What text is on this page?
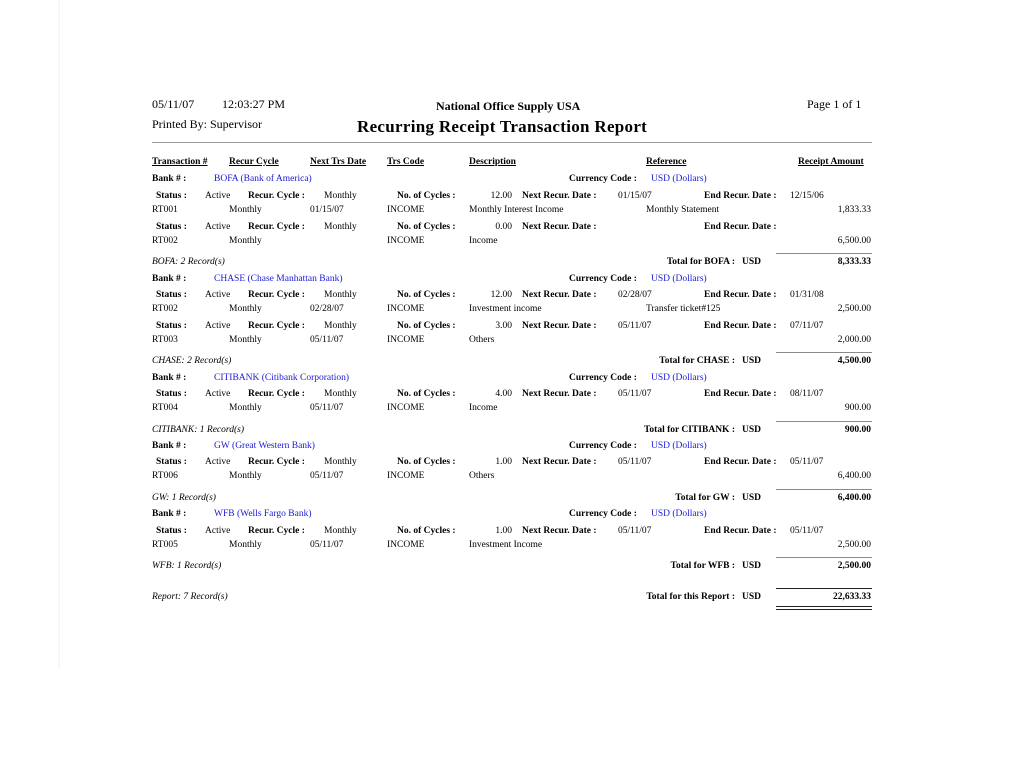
05/11/07 12:03:27 PM
Printed By: Supervisor
National Office Supply USA
Recurring Receipt Transaction Report
Page 1 of 1
Transaction # Recur Cycle	Next Trs Date Trs Code	Description	Reference	Receipt Amount
Bank # :	BOFA (Bank of America)	Currency Code : USD (Dollars)
Status : Active Recur. Cycle : Monthly	No. of Cycles :	12.00 Next Recur. Date : 01/15/07	End Recur. Date : 12/15/06
RT001	Monthly	01/15/07	INCOME	Monthly Interest Income	Monthly Statement	1,833.33
Status : Active Recur. Cycle : Monthly	No. of Cycles :	0.00 Next Recur. Date :	End Recur. Date :
RT002	Monthly	INCOME	Income	6,500.00
BOFA: 2 Record(s)	Total for BOFA : USD	8,333.33
Bank # :	CHASE (Chase Manhattan Bank)	Currency Code : USD (Dollars)
Status : Active Recur. Cycle : Monthly	No. of Cycles :	12.00 Next Recur. Date : 02/28/07	End Recur. Date : 01/31/08
RT002	Monthly	02/28/07	INCOME	Investment income	Transfer ticket#125	2,500.00
Status : Active Recur. Cycle : Monthly	No. of Cycles :	3.00 Next Recur. Date : 05/11/07	End Recur. Date : 07/11/07
RT003	Monthly	05/11/07	INCOME	Others	2,000.00
CHASE: 2 Record(s)	Total for CHASE : USD	4,500.00
Bank # :	CITIBANK (Citibank Corporation)	Currency Code : USD (Dollars)
Status : Active Recur. Cycle : Monthly	No. of Cycles :	4.00 Next Recur. Date : 05/11/07	End Recur. Date : 08/11/07
RT004	Monthly	05/11/07	INCOME	Income	900.00
CITIBANK: 1 Record(s)	Total for CITIBANK : USD	900.00
Bank # :	GW (Great Western Bank)	Currency Code : USD (Dollars)
Status : Active Recur. Cycle : Monthly	No. of Cycles :	1.00 Next Recur. Date : 05/11/07	End Recur. Date : 05/11/07
RT006	Monthly	05/11/07	INCOME	Others	6,400.00
GW: 1 Record(s)	Total for GW : USD	6,400.00
Bank # :	WFB (Wells Fargo Bank)	Currency Code : USD (Dollars)
Status : Active Recur. Cycle : Monthly	No. of Cycles :	1.00 Next Recur. Date : 05/11/07	End Recur. Date : 05/11/07
RT005	Monthly	05/11/07	INCOME	Investment Income	2,500.00
WFB: 1 Record(s)	Total for WFB : USD	2,500.00
Report: 7 Record(s)	Total for this Report : USD	22,633.33
